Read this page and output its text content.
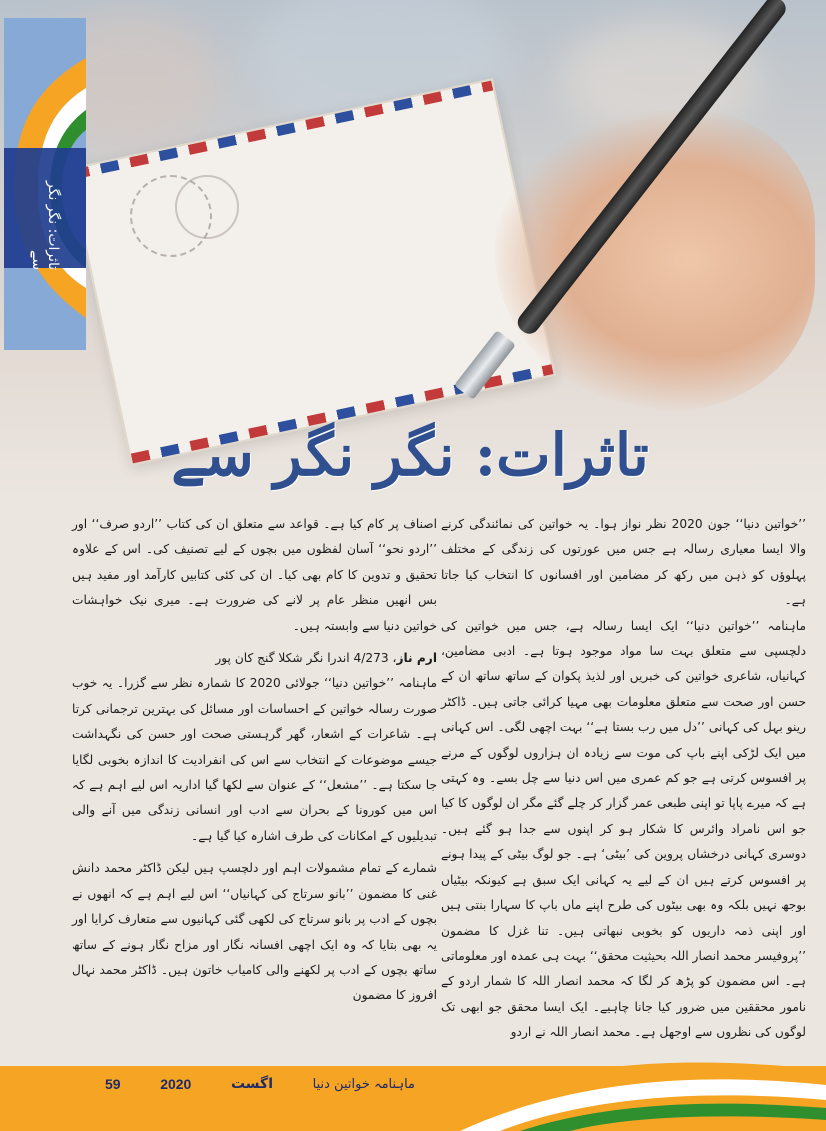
تاثرات: نگر نگر سے
تاثرات: نگر نگر سے

’’خواتین دنیا‘‘ جون 2020 نظر نواز ہوا۔ یہ خواتین کی نمائندگی کرنے والا ایسا معیاری رسالہ ہے جس میں عورتوں کی زندگی کے مختلف پہلوؤں کو ذہن میں رکھ کر مضامین اور افسانوں کا انتخاب کیا جاتا ہے۔

ماہنامہ ’’خواتین دنیا‘‘ ایک ایسا رسالہ ہے، جس میں خواتین کی دلچسپی سے متعلق بہت سا مواد موجود ہوتا ہے۔ ادبی مضامین، کہانیاں، شاعری خواتین کی خبریں اور لذیذ پکوان کے ساتھ ساتھ ان کے حسن اور صحت سے متعلق معلومات بھی مہیا کرائی جاتی ہیں۔ ڈاکٹر رینو بہل کی کہانی ’’دل میں رب بستا ہے‘‘ بہت اچھی لگی۔ اس کہانی میں ایک لڑکی اپنے باپ کی موت سے زیادہ ان ہزاروں لوگوں کے مرنے پر افسوس کرتی ہے جو کم عمری میں اس دنیا سے چل بسے۔ وہ کہتی ہے کہ میرے پاپا تو اپنی طبعی عمر گزار کر چلے گئے مگر ان لوگوں کا کیا جو اس نامراد وائرس کا شکار ہو کر اپنوں سے جدا ہو گئے ہیں۔ دوسری کہانی درخشاں پروین کی ’بیٹی‘ ہے۔ جو لوگ بیٹی کے پیدا ہونے پر افسوس کرتے ہیں ان کے لیے یہ کہانی ایک سبق ہے کیونکہ بیٹیاں بوجھ نہیں بلکہ وہ بھی بیٹوں کی طرح اپنے ماں باپ کا سہارا بنتی ہیں اور اپنی ذمہ داریوں کو بخوبی نبھاتی ہیں۔ تنا غزل کا مضمون ’’پروفیسر محمد انصار اللہ بحیثیت محقق‘‘ بہت ہی عمدہ اور معلوماتی ہے۔ اس مضمون کو پڑھ کر لگا کہ محمد انصار اللہ کا شمار اردو کے نامور محققین میں ضرور کیا جانا چاہیے۔ ایک ایسا محقق جو ابھی تک لوگوں کی نظروں سے اوجھل ہے۔ محمد انصار اللہ نے اردو

اصناف پر کام کیا ہے۔ قواعد سے متعلق ان کی کتاب ’’اردو صرف‘‘ اور ’’اردو نحو‘‘ آسان لفظوں میں بچوں کے لیے تصنیف کی۔ اس کے علاوہ تحقیق و تدوین کا کام بھی کیا۔ ان کی کئی کتابیں کارآمد اور مفید ہیں بس انھیں منظر عام پر لانے کی ضرورت ہے۔ میری نیک خواہشات خواتین دنیا سے وابستہ ہیں۔

ارم ناز، 4/273 اندرا نگر شکلا گنج کان پور

ماہنامہ ’’خواتین دنیا‘‘ جولائی 2020 کا شمارہ نظر سے گزرا۔ یہ خوب صورت رسالہ خواتین کے احساسات اور مسائل کی بہترین ترجمانی کرتا ہے۔ شاعرات کے اشعار، گھر گرہستی صحت اور حسن کی نگہداشت جیسے موضوعات کے انتخاب سے اس کی انفرادیت کا اندازہ بخوبی لگایا جا سکتا ہے۔ ’’مشعل‘‘ کے عنوان سے لکھا گیا اداریہ اس لیے اہم ہے کہ اس میں کورونا کے بحران سے ادب اور انسانی زندگی میں آنے والی تبدیلیوں کے امکانات کی طرف اشارہ کیا گیا ہے۔

شمارے کے تمام مشمولات اہم اور دلچسپ ہیں لیکن ڈاکٹر محمد دانش غنی کا مضمون ’’بانو سرتاج کی کہانیاں‘‘ اس لیے اہم ہے کہ انھوں نے بچوں کے ادب پر بانو سرتاج کی لکھی گئی کہانیوں سے متعارف کرایا اور یہ بھی بتایا کہ وہ ایک اچھی افسانہ نگار اور مزاح نگار ہونے کے ساتھ ساتھ بچوں کے ادب پر لکھنے والی کامیاب خاتون ہیں۔ ڈاکٹر محمد نہال افروز کا مضمون

ماہنامہ خواتین دنیا
اگست
2020
59
